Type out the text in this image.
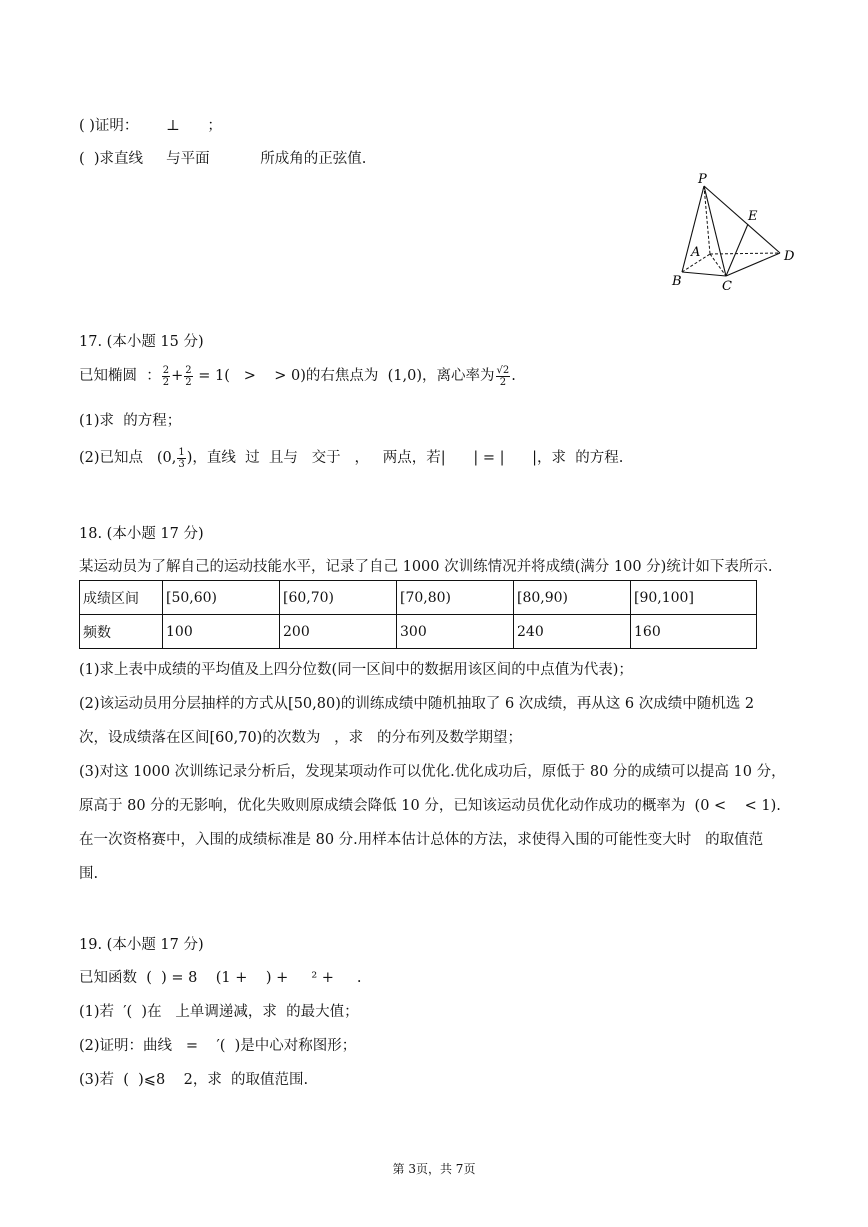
( )证明：      ⊥      ；
(  )求直线     与平面           所成角的正弦值.
P
E
A
B	C
D
17. (本小题 15 分)
已知椭圆  ： $\frac{2}{2} + \frac{2}{2} = 1$(   >    > 0)的右焦点为  (1,0)，离心率为 $\frac{√2}{2}$ .
(1)求  的方程；
(2)已知点   (0, $\frac{1}{3}$ )，直线  过  且与   交于   ，   两点，若|      | = |      |，求  的方程.
18. (本小题 17 分)
某运动员为了解自己的运动技能水平，记录了自己 1000 次训练情况并将成绩(满分 100 分)统计如下表所示.
成绩区间	[50,60)	[60,70)	[70,80)	[80,90)	[90,100]
频数	100	200	300	240	160
(1)求上表中成绩的平均值及上四分位数(同一区间中的数据用该区间的中点值为代表)；
(2)该运动员用分层抽样的方式从[50,80)的训练成绩中随机抽取了 6 次成绩，再从这 6 次成绩中随机选 2
次，设成绩落在区间[60,70)的次数为   ，求   的分布列及数学期望；
(3)对这 1000 次训练记录分析后，发现某项动作可以优化.优化成功后，原低于 80 分的成绩可以提高 10 分，
原高于 80 分的无影响，优化失败则原成绩会降低 10 分，已知该运动员优化动作成功的概率为  (0 <    < 1).
在一次资格赛中，入围的成绩标准是 80 分.用样本估计总体的方法，求使得入围的可能性变大时   的取值范
围.
19. (本小题 17 分)
已知函数  (  ) = 8    (1 +    ) +     ² +     .
(1)若  ′(  )在   上单调递减，求  的最大值；
(2)证明：曲线   =    ′(  )是中心对称图形；
(3)若  (  )⩽8    2，求  的取值范围.
第 3页，共 7页
